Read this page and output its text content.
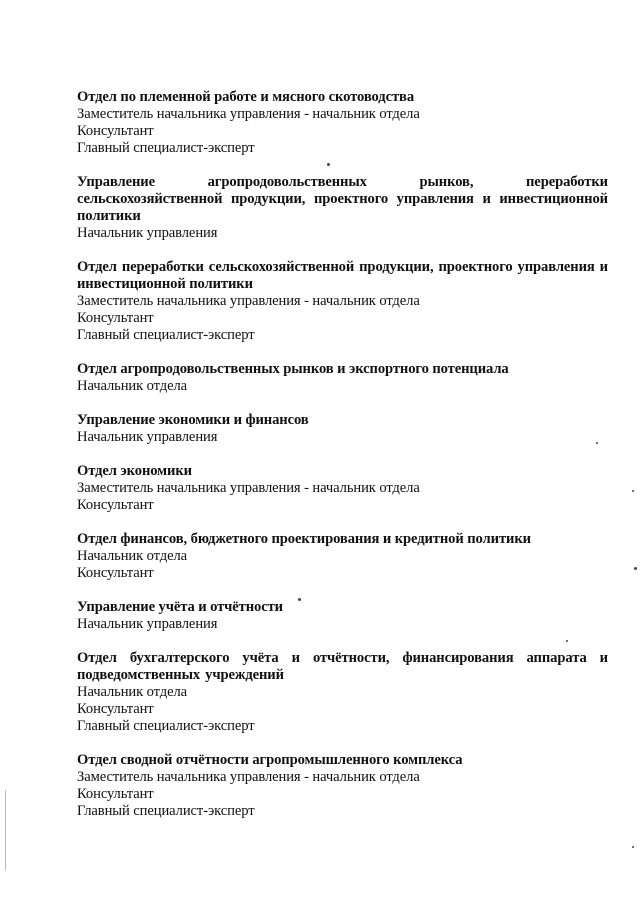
Отдел по племенной работе и мясного скотоводства

Заместитель начальника управления - начальник отдела

Консультант

Главный специалист-эксперт

Управление агропродовольственных рынков, переработки сельскохозяйственной продукции, проектного управления и инвестиционной политики

Начальник управления

Отдел переработки сельскохозяйственной продукции, проектного управления и инвестиционной политики

Заместитель начальника управления - начальник отдела

Консультант

Главный специалист-эксперт

Отдел агропродовольственных рынков и экспортного потенциала

Начальник отдела

Управление экономики и финансов

Начальник управления

Отдел экономики

Заместитель начальника управления - начальник отдела

Консультант

Отдел финансов, бюджетного проектирования и кредитной политики

Начальник отдела

Консультант

Управление учёта и отчётности

Начальник управления

Отдел бухгалтерского учёта и отчётности, финансирования аппарата и подведомственных учреждений

Начальник отдела

Консультант

Главный специалист-эксперт

Отдел сводной отчётности агропромышленного комплекса

Заместитель начальника управления - начальник отдела

Консультант

Главный специалист-эксперт
